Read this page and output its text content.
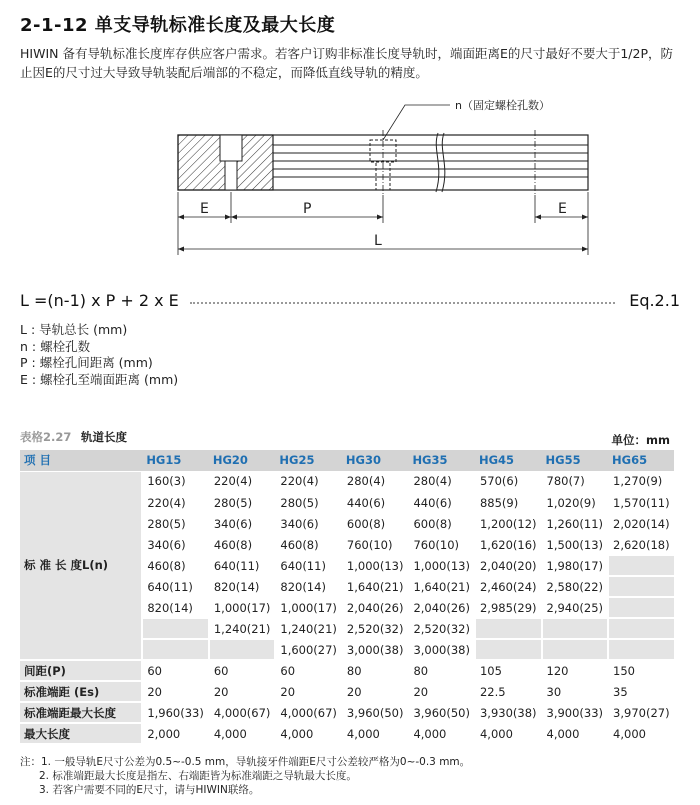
2-1-12 单支导轨标准长度及最大长度
HIWIN 备有导轨标准长度库存供应客户需求。若客户订购非标准长度导轨时，端面距离E的尺寸最好不要大于1/2P，防止因E的尺寸过大导致导轨装配后端部的不稳定，而降低直线导轨的精度。
n（固定螺栓孔数）
E	P	E
L
L =(n-1) x P + 2 x E	Eq.2.1
L : 导轨总长 (mm)
n : 螺栓孔数
P : 螺栓孔间距离 (mm)
E : 螺栓孔至端面距离 (mm)
表格2.27 轨道长度	单位：mm
项目	HG15	HG20	HG25	HG30	HG35	HG45	HG55	HG65
标 准 长 度L(n)	160(3)	220(4)	220(4)	280(4)	280(4)	570(6)	780(7)	1,270(9)
	220(4)	280(5)	280(5)	440(6)	440(6)	885(9)	1,020(9)	1,570(11)
	280(5)	340(6)	340(6)	600(8)	600(8)	1,200(12)	1,260(11)	2,020(14)
	340(6)	460(8)	460(8)	760(10)	760(10)	1,620(16)	1,500(13)	2,620(18)
	460(8)	640(11)	640(11)	1,000(13)	1,000(13)	2,040(20)	1,980(17)	
	640(11)	820(14)	820(14)	1,640(21)	1,640(21)	2,460(24)	2,580(22)	
	820(14)	1,000(17)	1,000(17)	2,040(26)	2,040(26)	2,985(29)	2,940(25)	
		1,240(21)	1,240(21)	2,520(32)	2,520(32)			
			1,600(27)	3,000(38)	3,000(38)			
间距(P)	60	60	60	80	80	105	120	150
标准端距 (Es)	20	20	20	20	20	22.5	30	35
标准端距最大长度	1,960(33)	4,000(67)	4,000(67)	3,960(50)	3,960(50)	3,930(38)	3,900(33)	3,970(27)
最大长度	2,000	4,000	4,000	4,000	4,000	4,000	4,000	4,000
注：1. 一般导轨E尺寸公差为0.5~-0.5 mm，导轨接牙件端距E尺寸公差较严格为0~-0.3 mm。
2. 标准端距最大长度是指左、右端距皆为标准端距之导轨最大长度。
3. 若客户需要不同的E尺寸，请与HIWIN联络。
